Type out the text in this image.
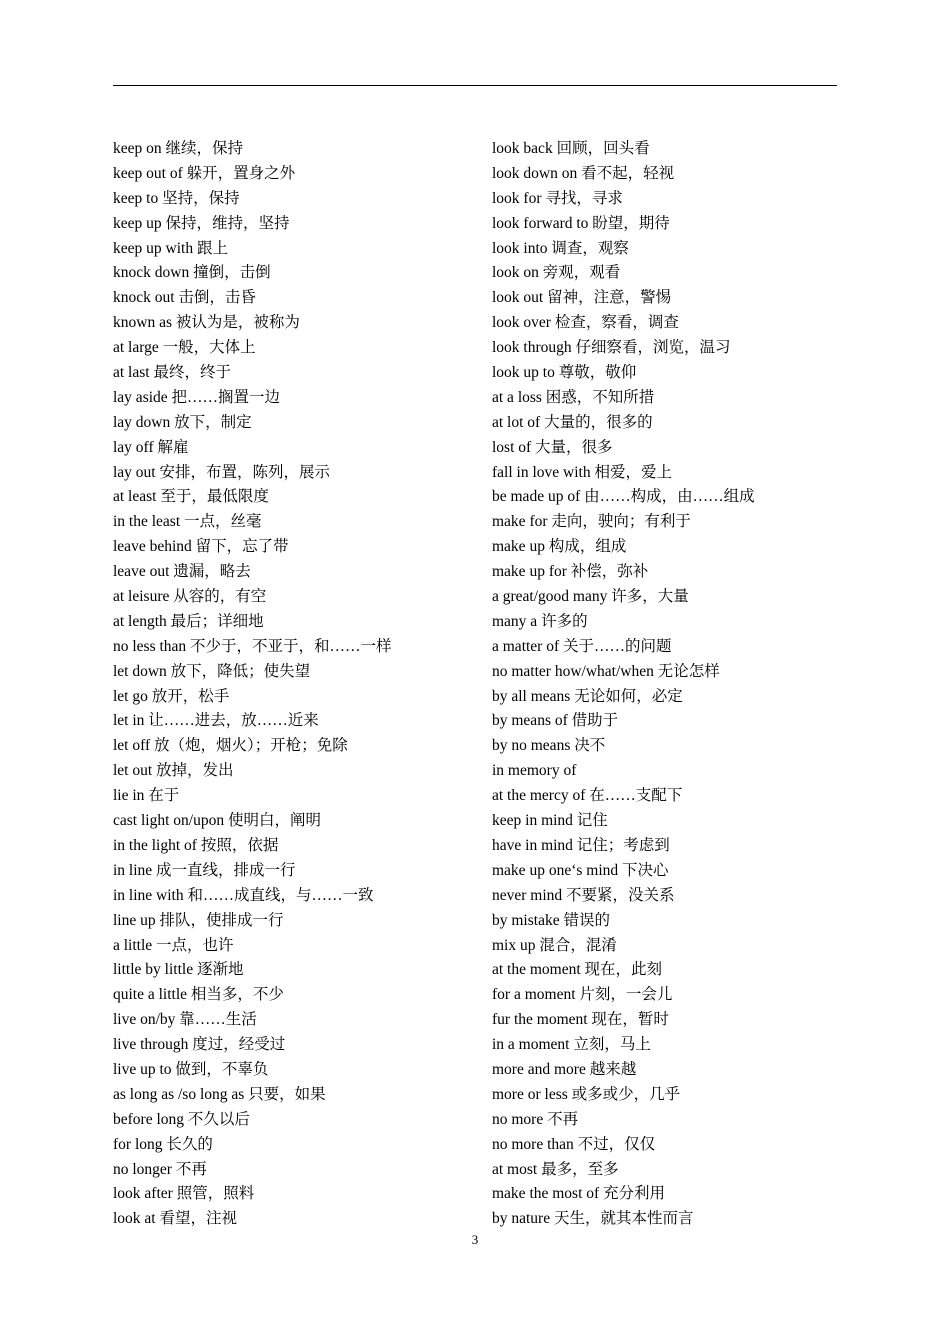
keep on 继续，保持
keep out of 躲开，置身之外
keep to 坚持，保持
keep up 保持，维持，坚持
keep up with 跟上
knock down 撞倒，击倒
knock out 击倒，击昏
known as 被认为是，被称为
at large 一般，大体上
at last 最终，终于
lay aside 把……搁置一边
lay down 放下，制定
lay off 解雇
lay out 安排，布置，陈列，展示
at least 至于，最低限度
in the least 一点，丝毫
leave behind 留下，忘了带
leave out 遗漏，略去
at leisure 从容的，有空
at length 最后；详细地
no less than 不少于，不亚于，和……一样
let down 放下，降低；使失望
let go 放开，松手
let in 让……进去，放……近来
let off 放（炮，烟火）；开枪；免除
let out 放掉，发出
lie in 在于
cast light on/upon 使明白，阐明
in the light of 按照，依据
in line 成一直线，排成一行
in line with 和……成直线，与……一致
line up 排队，使排成一行
a little 一点，也许
little by little 逐渐地
quite a little 相当多，不少
live on/by 靠……生活
live through 度过，经受过
live up to 做到，不辜负
as long as /so long as 只要，如果
before long 不久以后
for long 长久的
no longer 不再
look after 照管，照料
look at 看望，注视
look back 回顾，回头看
look down on 看不起，轻视
look for 寻找，寻求
look forward to 盼望，期待
look into 调查，观察
look on 旁观，观看
look out 留神，注意，警惕
look over 检查，察看，调查
look through 仔细察看，浏览，温习
look up to 尊敬，敬仰
at a loss 困惑，不知所措
at lot of 大量的，很多的
lost of 大量，很多
fall in love with 相爱，爱上
be made up of 由……构成，由……组成
make for 走向，驶向；有利于
make up 构成，组成
make up for 补偿，弥补
a great/good many 许多，大量
many a 许多的
a matter of 关于……的问题
no matter how/what/when 无论怎样
by all means 无论如何，必定
by means of 借助于
by no means 决不
in memory of
at the mercy of 在……支配下
keep in mind 记住
have in mind 记住；考虑到
make up one‘s mind 下决心
never mind 不要紧，没关系
by mistake 错误的
mix up 混合，混淆
at the moment 现在，此刻
for a moment 片刻，一会儿
fur the moment 现在，暂时
in a moment 立刻，马上
more and more 越来越
more or less 或多或少，几乎
no more 不再
no more than 不过，仅仅
at most 最多，至多
make the most of 充分利用
by nature 天生，就其本性而言
3
